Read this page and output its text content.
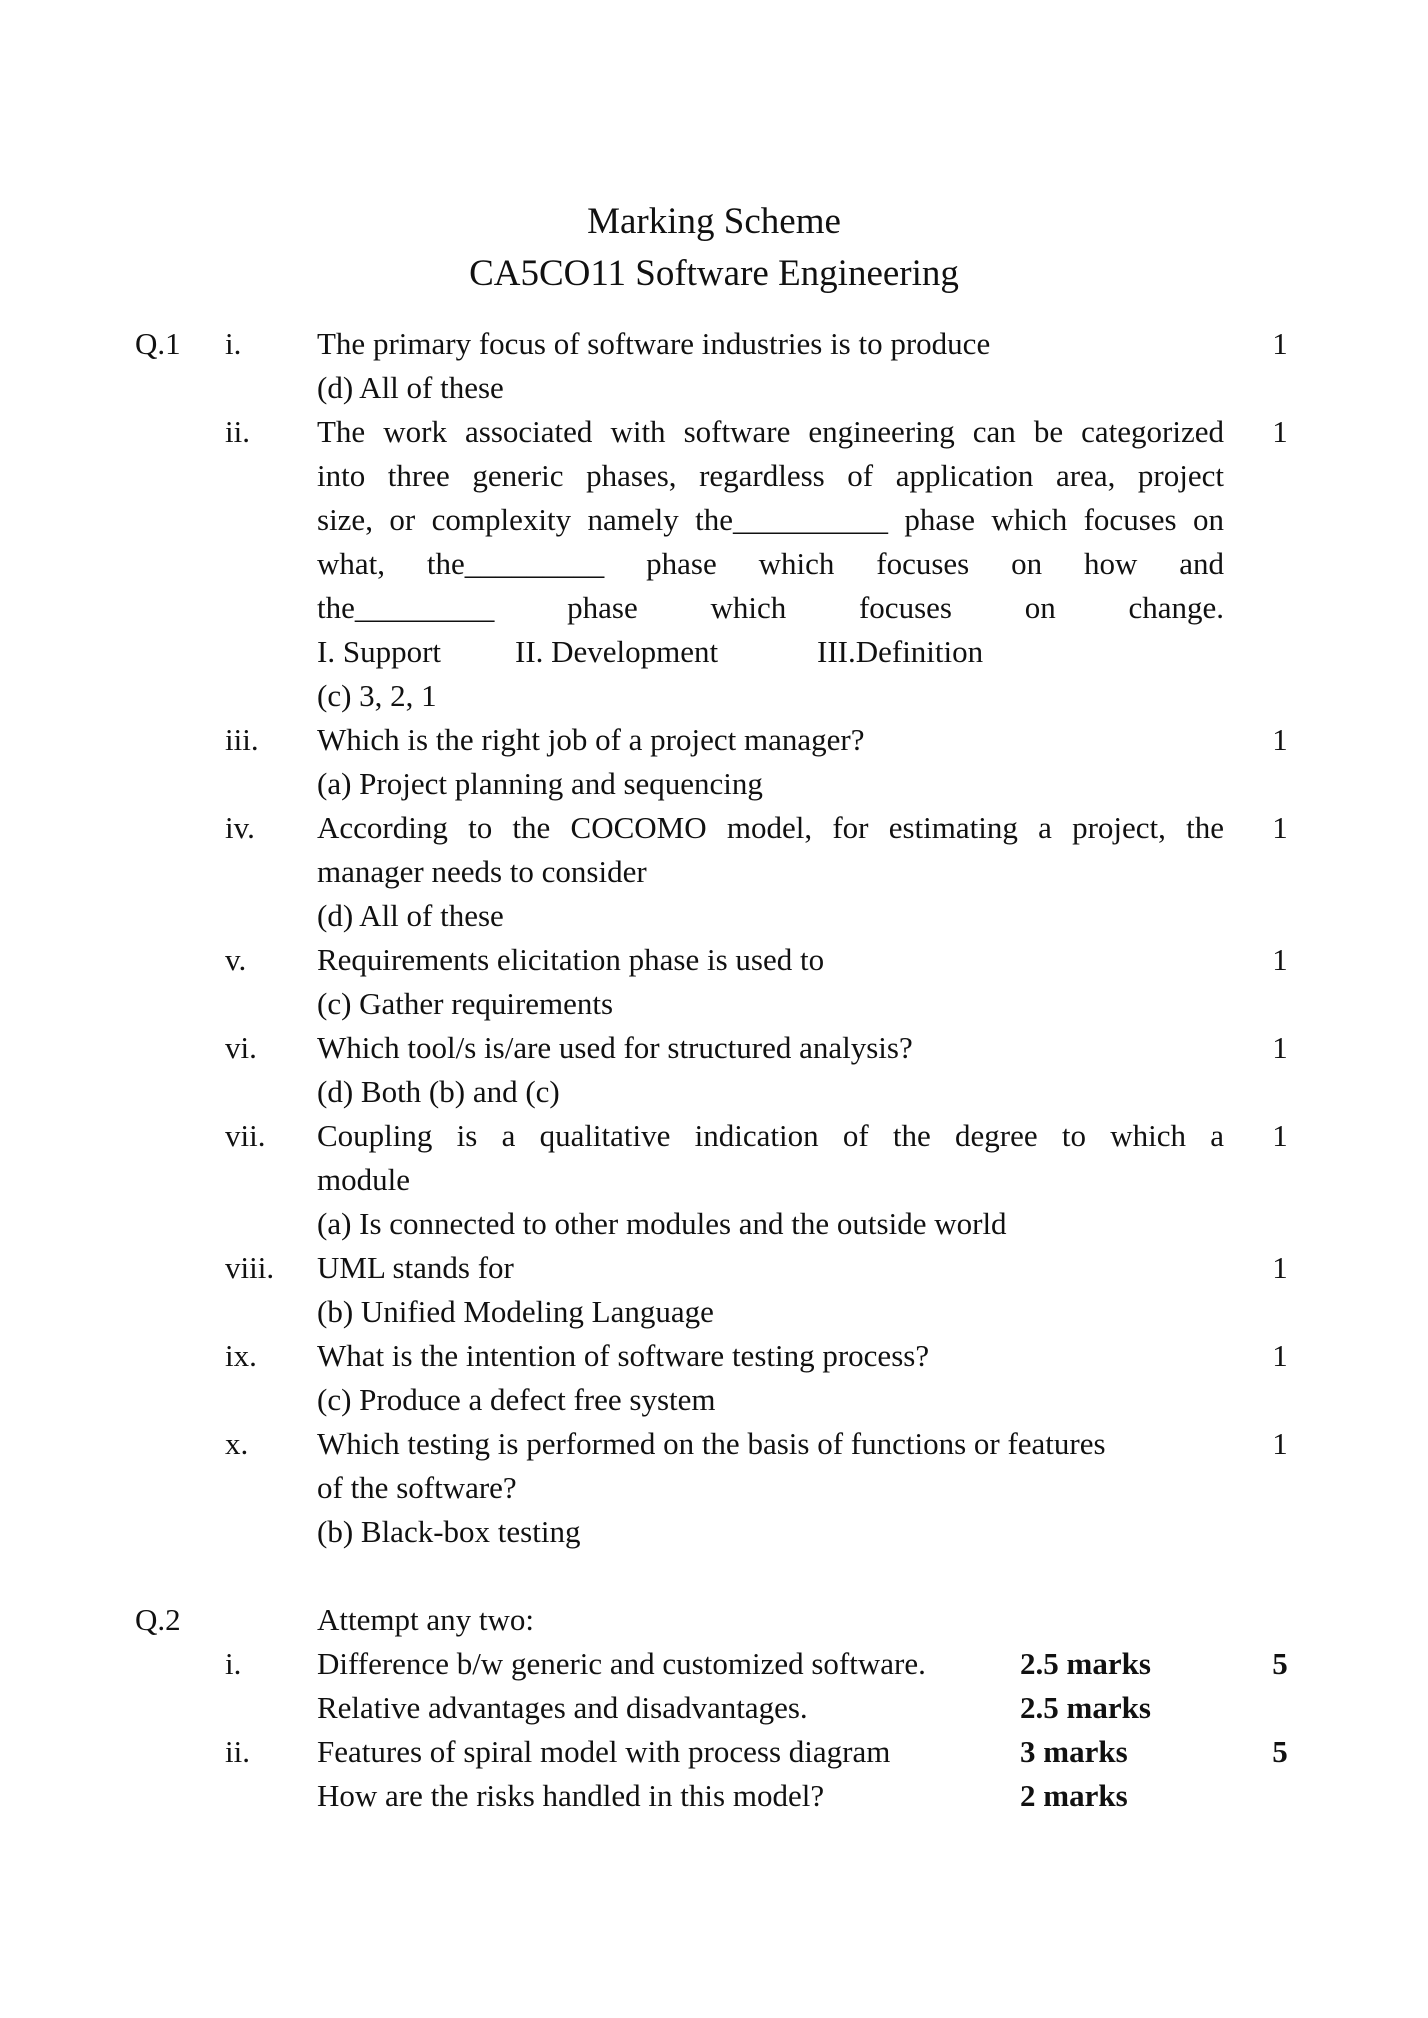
Marking Scheme
CA5CO11 Software Engineering
Q.1 i. The primary focus of software industries is to produce	1
(d) All of these
ii. The work associated with software engineering can be categorized 1
into three generic phases, regardless of application area, project
size, or complexity namely the__________ phase which focuses on
what, the_________ phase which focuses on how and
the_________ phase which focuses on change.
I. Support II. Development	III.Definition
(c) 3, 2, 1
iii. Which is the right job of a project manager?	1
(a) Project planning and sequencing
iv. According to the COCOMO model, for estimating a project, the 1
manager needs to consider
(d) All of these
v. Requirements elicitation phase is used to	1
(c) Gather requirements
vi. Which tool/s is/are used for structured analysis?	1
(d) Both (b) and (c)
vii. Coupling is a qualitative indication of the degree to which a 1
module
(a) Is connected to other modules and the outside world
viii. UML stands for	1
(b) Unified Modeling Language
ix. What is the intention of software testing process?	1
(c) Produce a defect free system
x. Which testing is performed on the basis of functions or features	1
of the software?
(b) Black-box testing
Q.2	Attempt any two:
i. Difference b/w generic and customized software.	2.5 marks	5
Relative advantages and disadvantages.	2.5 marks
ii. Features of spiral model with process diagram	3 marks	5
How are the risks handled in this model?	2 marks
